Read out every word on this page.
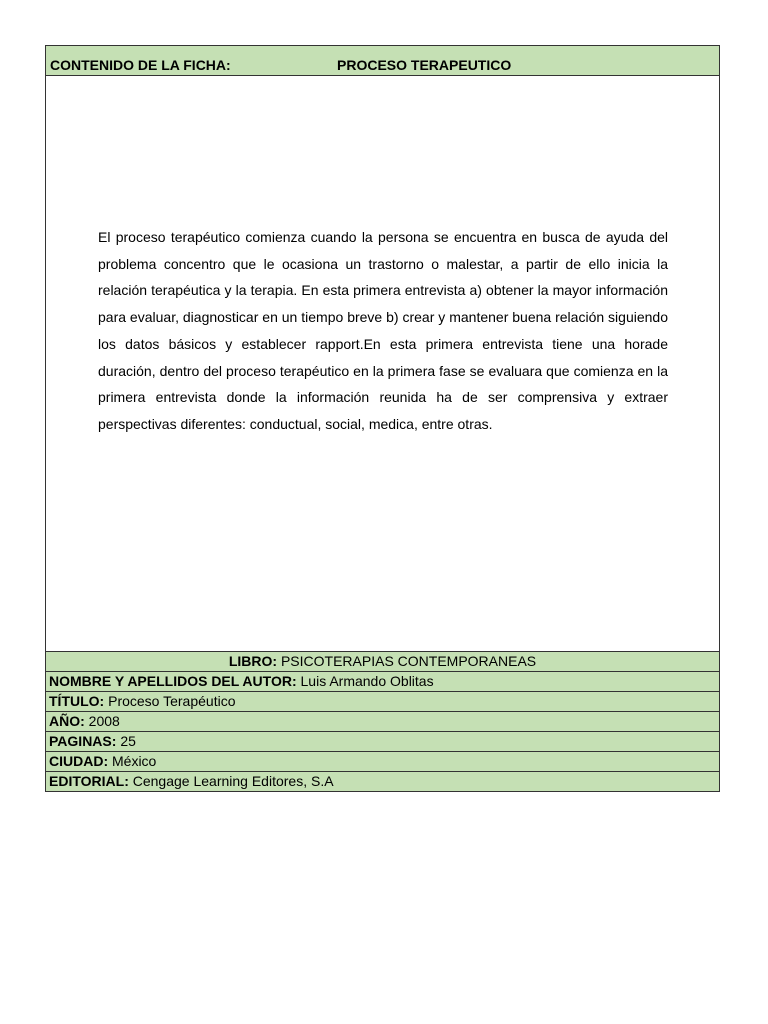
CONTENIDO DE LA FICHA:	PROCESO TERAPEUTICO

El proceso terapéutico comienza cuando la persona se encuentra en busca de ayuda del problema concentro que le ocasiona un trastorno o malestar, a partir de ello inicia la relación terapéutica y la terapia. En esta primera entrevista a) obtener la mayor información para evaluar, diagnosticar en un tiempo breve b) crear y mantener buena relación siguiendo los datos básicos y establecer rapport.En esta primera entrevista tiene una horade duración, dentro del proceso terapéutico en la primera fase se evaluara que comienza en la primera entrevista donde la información reunida ha de ser comprensiva y extraer perspectivas diferentes: conductual, social, medica, entre otras.

LIBRO: PSICOTERAPIAS CONTEMPORANEAS
NOMBRE Y APELLIDOS DEL AUTOR: Luis Armando Oblitas
TÍTULO: Proceso Terapéutico
AÑO: 2008
PAGINAS: 25
CIUDAD: México
EDITORIAL: Cengage Learning Editores, S.A
